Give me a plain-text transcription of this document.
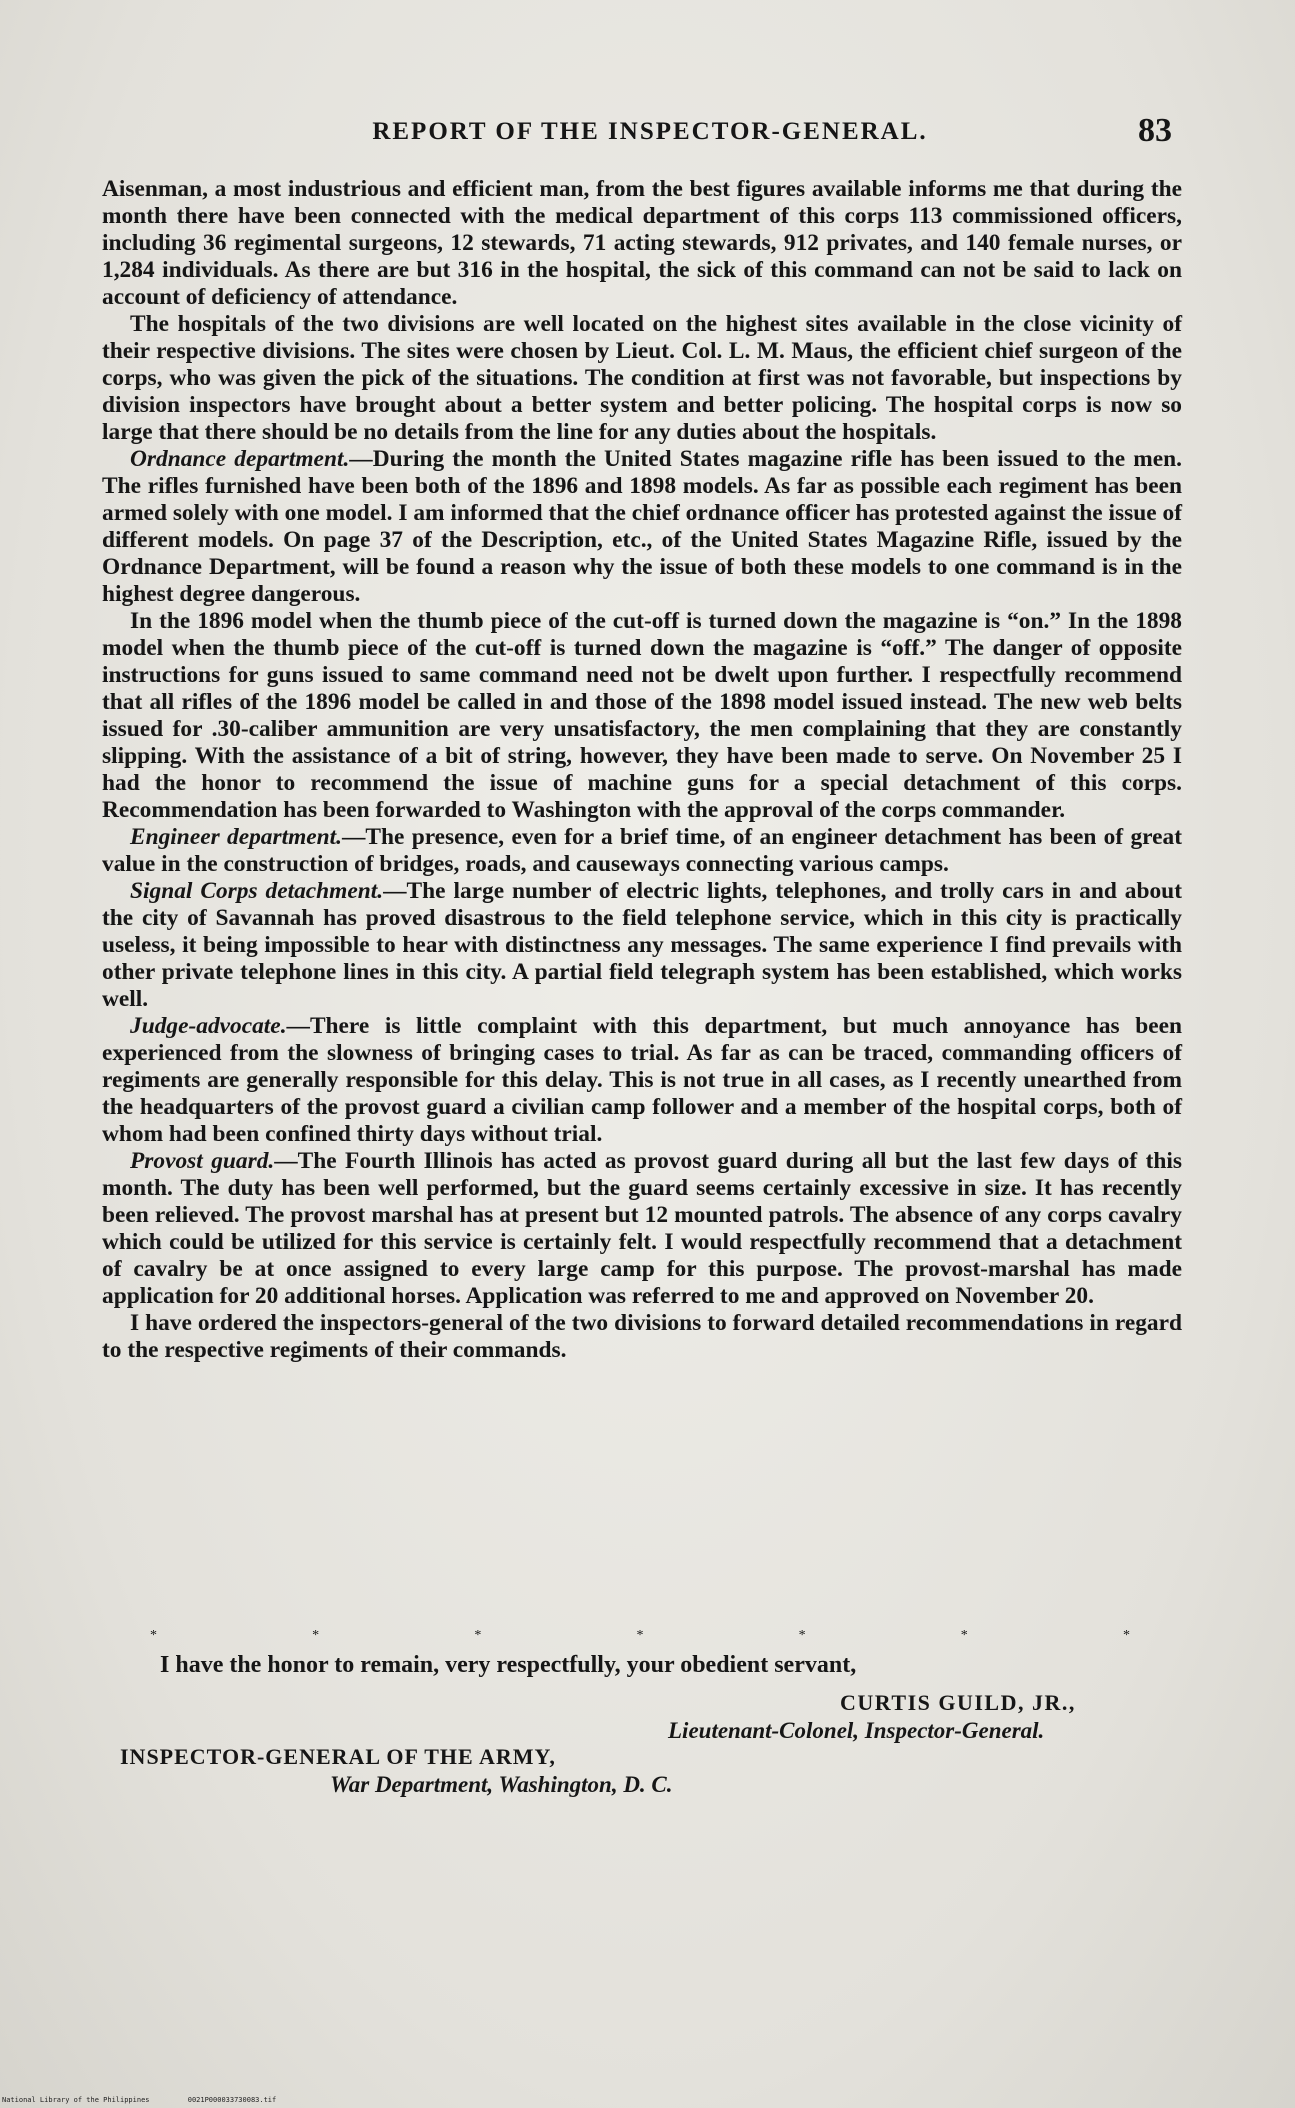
REPORT OF THE INSPECTOR-GENERAL.	83

Aisenman, a most industrious and efficient man, from the best figures available informs me that during the month there have been connected with the medical department of this corps 113 commissioned officers, including 36 regimental surgeons, 12 stewards, 71 acting stewards, 912 privates, and 140 female nurses, or 1,284 individuals. As there are but 316 in the hospital, the sick of this command can not be said to lack on account of deficiency of attendance.

The hospitals of the two divisions are well located on the highest sites available in the close vicinity of their respective divisions. The sites were chosen by Lieut. Col. L. M. Maus, the efficient chief surgeon of the corps, who was given the pick of the situations. The condition at first was not favorable, but inspections by division inspectors have brought about a better system and better policing. The hospital corps is now so large that there should be no details from the line for any duties about the hospitals.

Ordnance department.—During the month the United States magazine rifle has been issued to the men. The rifles furnished have been both of the 1896 and 1898 models. As far as possible each regiment has been armed solely with one model. I am informed that the chief ordnance officer has protested against the issue of different models. On page 37 of the Description, etc., of the United States Magazine Rifle, issued by the Ordnance Department, will be found a reason why the issue of both these models to one command is in the highest degree dangerous.

In the 1896 model when the thumb piece of the cut-off is turned down the magazine is “on.” In the 1898 model when the thumb piece of the cut-off is turned down the magazine is “off.” The danger of opposite instructions for guns issued to same command need not be dwelt upon further. I respectfully recommend that all rifles of the 1896 model be called in and those of the 1898 model issued instead. The new web belts issued for .30-caliber ammunition are very unsatisfactory, the men complaining that they are constantly slipping. With the assistance of a bit of string, however, they have been made to serve. On November 25 I had the honor to recommend the issue of machine guns for a special detachment of this corps. Recommendation has been forwarded to Washington with the approval of the corps commander.

Engineer department.—The presence, even for a brief time, of an engineer detachment has been of great value in the construction of bridges, roads, and causeways connecting various camps.

Signal Corps detachment.—The large number of electric lights, telephones, and trolly cars in and about the city of Savannah has proved disastrous to the field telephone service, which in this city is practically useless, it being impossible to hear with distinctness any messages. The same experience I find prevails with other private telephone lines in this city. A partial field telegraph system has been established, which works well.

Judge-advocate.—There is little complaint with this department, but much annoyance has been experienced from the slowness of bringing cases to trial. As far as can be traced, commanding officers of regiments are generally responsible for this delay. This is not true in all cases, as I recently unearthed from the headquarters of the provost guard a civilian camp follower and a member of the hospital corps, both of whom had been confined thirty days without trial.

Provost guard.—The Fourth Illinois has acted as provost guard during all but the last few days of this month. The duty has been well performed, but the guard seems certainly excessive in size. It has recently been relieved. The provost marshal has at present but 12 mounted patrols. The absence of any corps cavalry which could be utilized for this service is certainly felt. I would respectfully recommend that a detachment of cavalry be at once assigned to every large camp for this purpose. The provost-marshal has made application for 20 additional horses. Application was referred to me and approved on November 20.

I have ordered the inspectors-general of the two divisions to forward detailed recommendations in regard to the respective regiments of their commands.

*	*	*	*	*	*	*
I have the honor to remain, very respectfully, your obedient servant,
CURTIS GUILD, JR.,
Lieutenant-Colonel, Inspector-General.
INSPECTOR-GENERAL OF THE ARMY,
War Department, Washington, D. C.
National Library of the Philippines	0021P000033730083.tif
